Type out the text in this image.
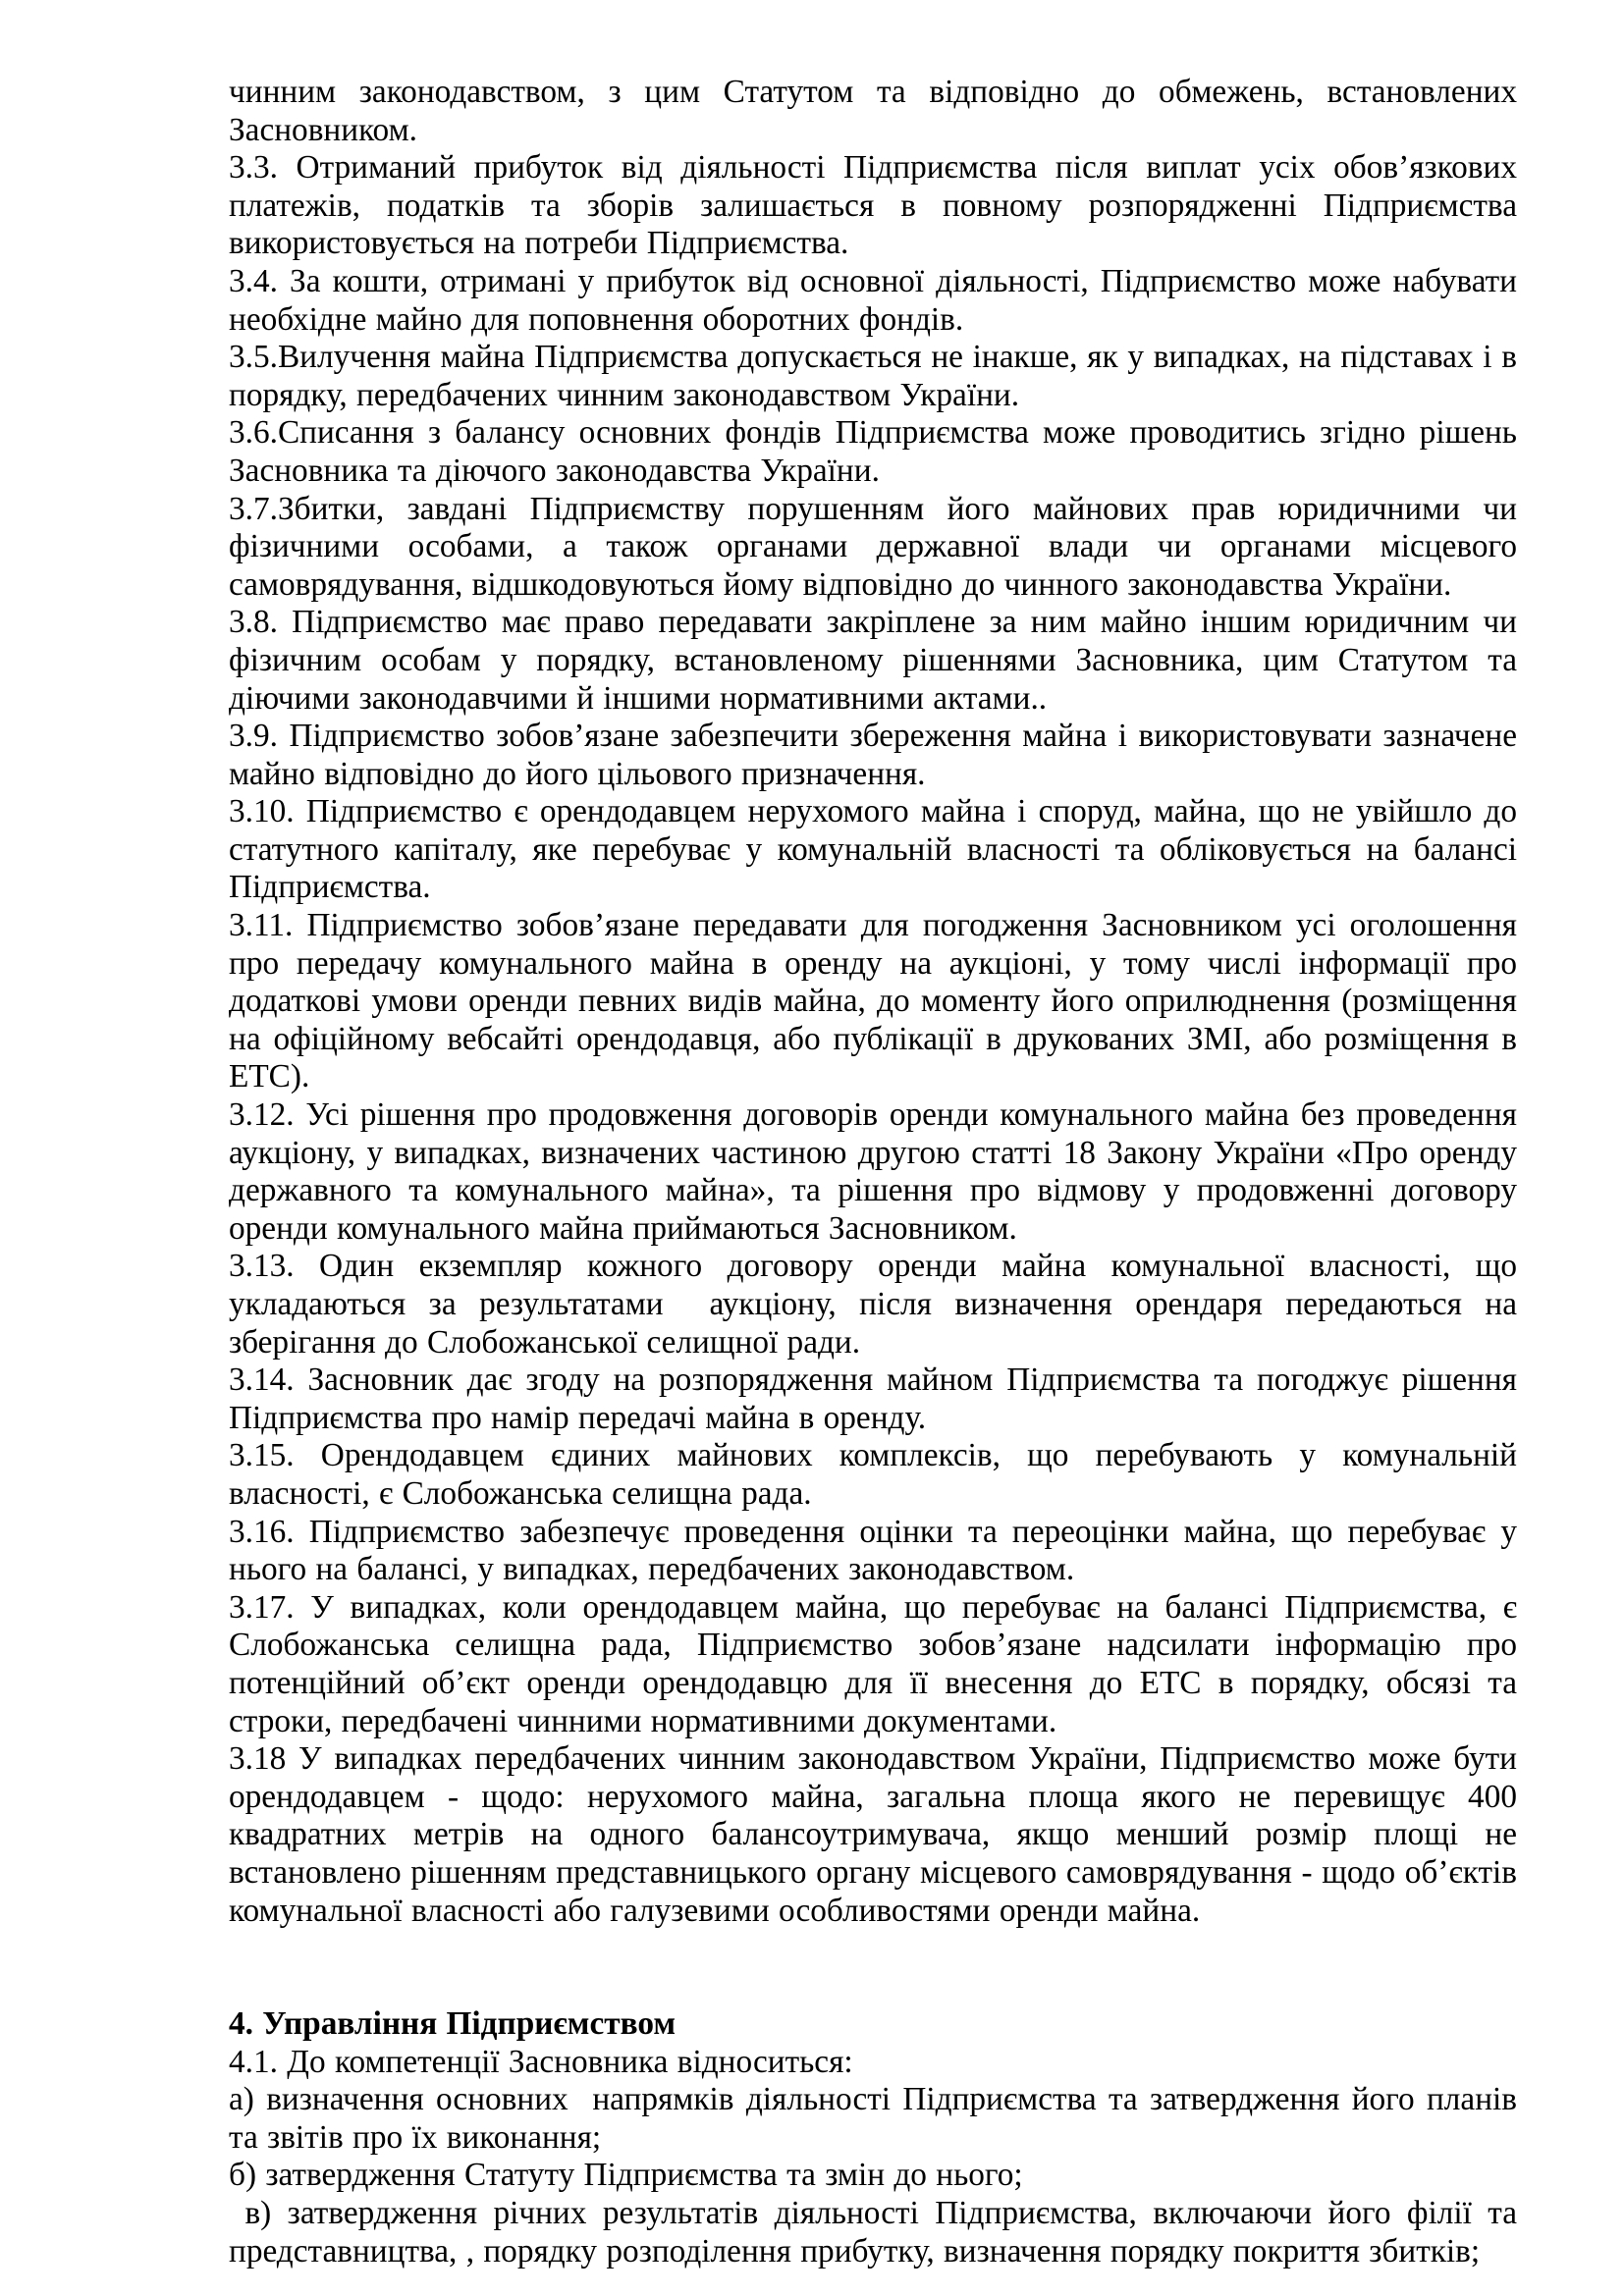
чинним законодавством, з цим Статутом та відповідно до обмежень, встановлених Засновником.

3.3. Отриманий прибуток від діяльності Підприємства після виплат усіх обов’язкових платежів, податків та зборів залишається в повному розпорядженні Підприємства використовується на потреби Підприємства.

3.4. За кошти, отримані у прибуток від основної діяльності, Підприємство може набувати необхідне майно для поповнення оборотних фондів.

3.5.Вилучення майна Підприємства допускається не інакше, як у випадках, на підставах і в порядку, передбачених чинним законодавством України.

3.6.Списання з балансу основних фондів Підприємства може проводитись згідно рішень Засновника та діючого законодавства України.

3.7.Збитки, завдані Підприємству порушенням його майнових прав юридичними чи фізичними особами, а також органами державної влади чи органами місцевого самоврядування, відшкодовуються йому відповідно до чинного законодавства України.

3.8. Підприємство має право передавати закріплене за ним майно іншим юридичним чи фізичним особам у порядку, встановленому рішеннями Засновника, цим Статутом та діючими законодавчими й іншими нормативними актами..

3.9. Підприємство зобов’язане забезпечити збереження майна і використовувати зазначене майно відповідно до його цільового призначення.

3.10. Підприємство є орендодавцем нерухомого майна і споруд, майна, що не увійшло до статутного капіталу, яке перебуває у комунальній власності та обліковується на балансі Підприємства.

3.11. Підприємство зобов’язане передавати для погодження Засновником усі оголошення про передачу комунального майна в оренду на аукціоні, у тому числі інформації про додаткові умови оренди певних видів майна, до моменту його оприлюднення (розміщення на офіційному вебсайті орендодавця, або публікації в друкованих ЗМІ, або розміщення в ЕТС).

3.12. Усі рішення про продовження договорів оренди комунального майна без проведення аукціону, у випадках, визначених частиною другою статті 18 Закону України «Про оренду державного та комунального майна», та рішення про відмову у продовженні договору оренди комунального майна приймаються Засновником.

3.13. Один екземпляр кожного договору оренди майна комунальної власності, що укладаються за результатами  аукціону, після визначення орендаря передаються на зберігання до Слобожанської селищної ради.

3.14. Засновник дає згоду на розпорядження майном Підприємства та погоджує рішення Підприємства про намір передачі майна в оренду.

3.15. Орендодавцем єдиних майнових комплексів, що перебувають у комунальній власності, є Слобожанська селищна рада.

3.16. Підприємство забезпечує проведення оцінки та переоцінки майна, що перебуває у нього на балансі, у випадках, передбачених законодавством.

3.17. У випадках, коли орендодавцем майна, що перебуває на балансі Підприємства, є Слобожанська селищна рада, Підприємство зобов’язане надсилати інформацію про потенційний об’єкт оренди орендодавцю для її внесення до ЕТС в порядку, обсязі та строки, передбачені чинними нормативними документами.

3.18 У випадках передбачених чинним законодавством України, Підприємство може бути орендодавцем - щодо: нерухомого майна, загальна площа якого не перевищує 400 квадратних метрів на одного балансоутримувача, якщо менший розмір площі не встановлено рішенням представницького органу місцевого самоврядування - щодо об’єктів комунальної власності або галузевими особливостями оренди майна.

4. Управління Підприємством

4.1. До компетенції Засновника відноситься:

а) визначення основних  напрямків діяльності Підприємства та затвердження його планів та звітів про їх виконання;

б) затвердження Статуту Підприємства та змін до нього;

в) затвердження річних результатів діяльності Підприємства, включаючи його філії та представництва, , порядку розподілення прибутку, визначення порядку покриття збитків;
